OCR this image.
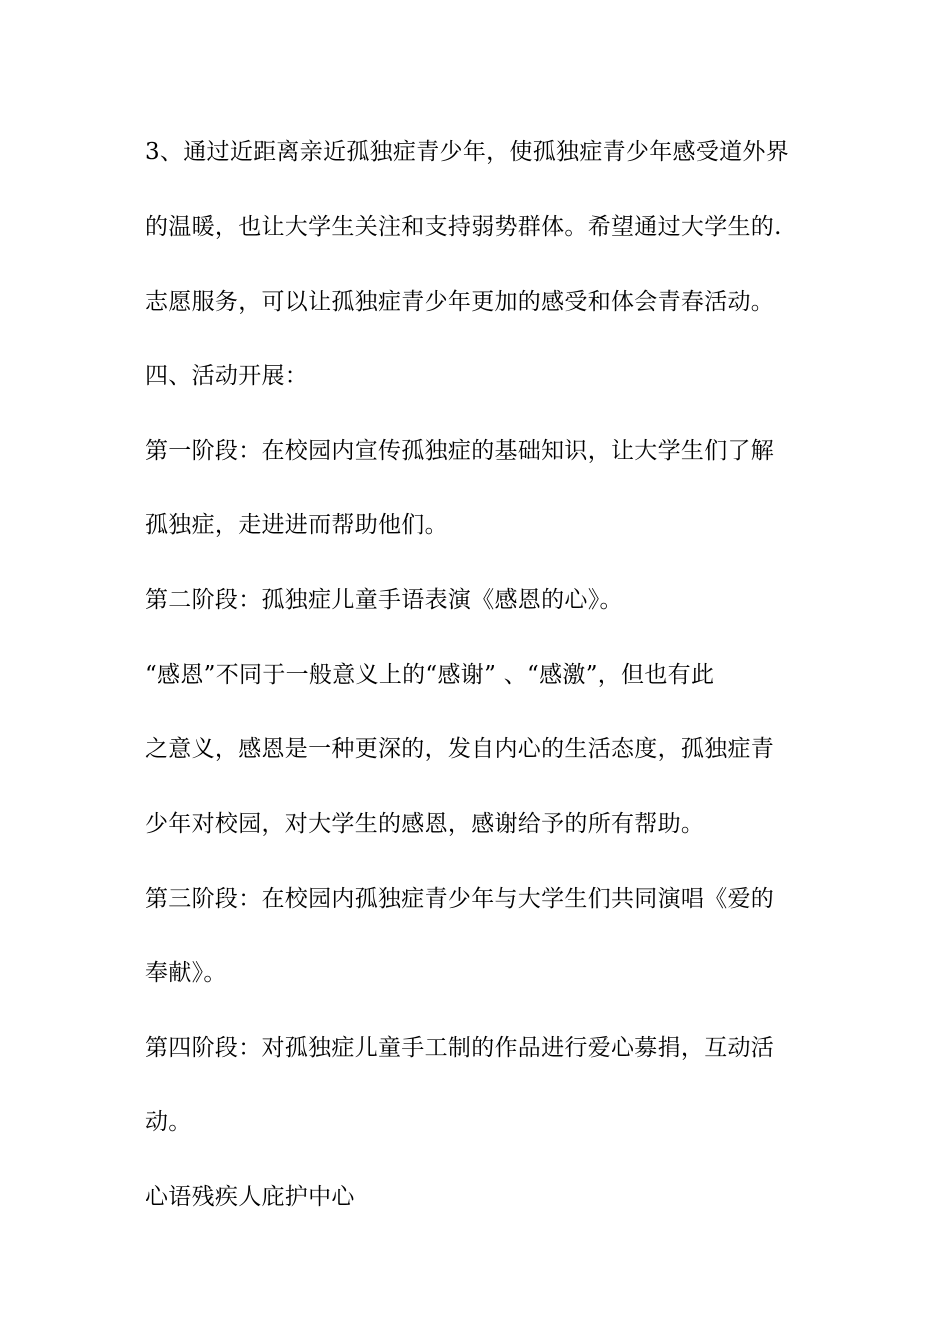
3、通过近距离亲近孤独症青少年，使孤独症青少年感受道外界
的温暖，也让大学生关注和支持弱势群体。希望通过大学生的.
志愿服务，可以让孤独症青少年更加的感受和体会青春活动。
四、活动开展：
第一阶段：在校园内宣传孤独症的基础知识，让大学生们了解
孤独症，走进进而帮助他们。
第二阶段：孤独症儿童手语表演《感恩的心》。
“感恩”不同于一般意义上的“感谢” 、“感激”，但也有此
之意义，感恩是一种更深的，发自内心的生活态度，孤独症青
少年对校园，对大学生的感恩，感谢给予的所有帮助。
第三阶段：在校园内孤独症青少年与大学生们共同演唱《爱的
奉献》。
第四阶段：对孤独症儿童手工制的作品进行爱心募捐，互动活
动。
心语残疾人庇护中心
